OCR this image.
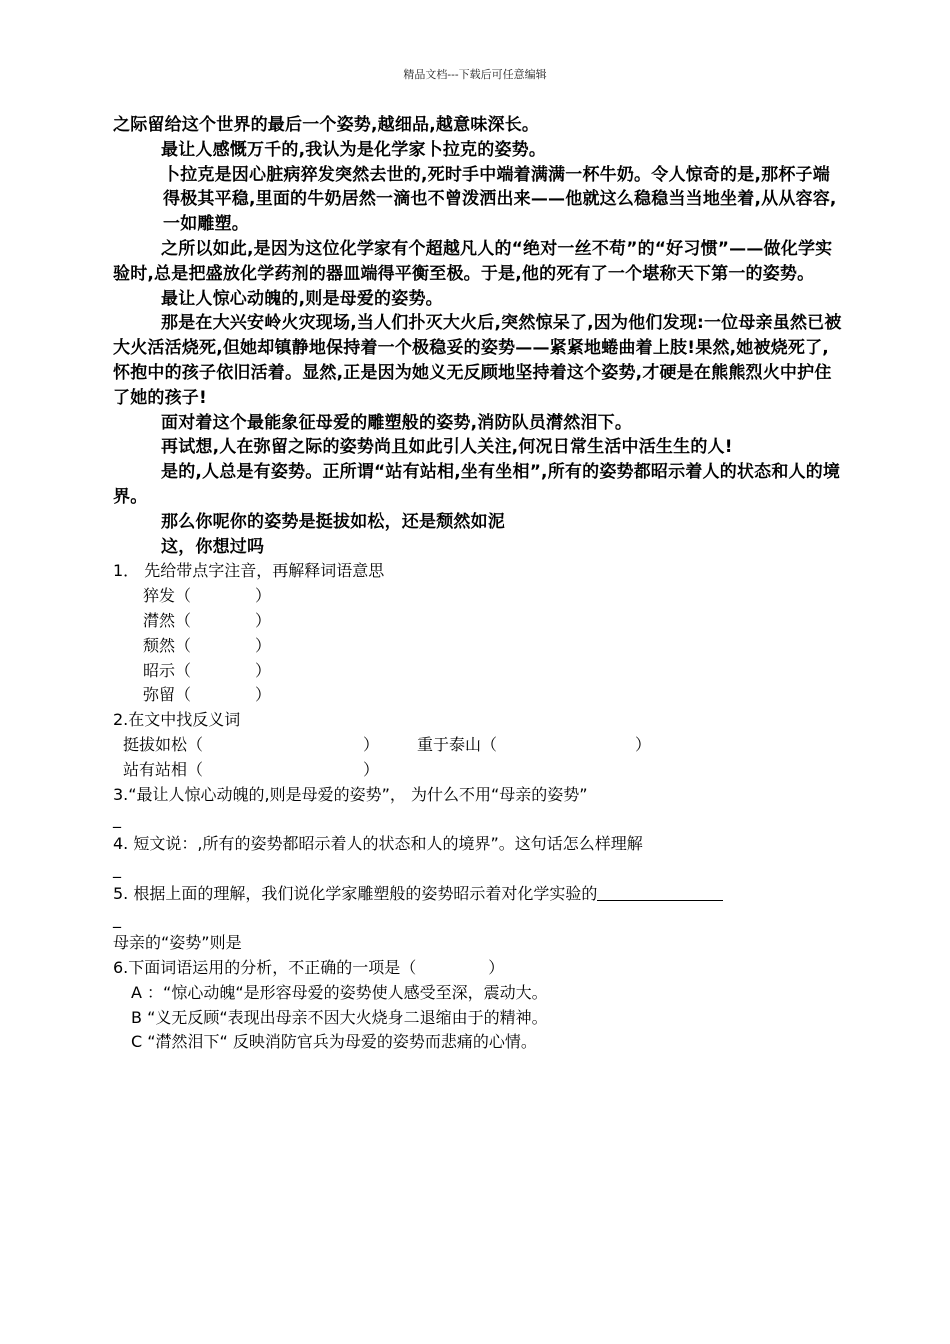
精品文档---下载后可任意编辑

之际留给这个世界的最后一个姿势,越细品,越意味深长。

最让人感慨万千的,我认为是化学家卜拉克的姿势。

卜拉克是因心脏病猝发突然去世的,死时手中端着满满一杯牛奶。令人惊奇的是,那杯子端得极其平稳,里面的牛奶居然一滴也不曾泼洒出来——他就这么稳稳当当地坐着,从从容容,一如雕塑。

之所以如此,是因为这位化学家有个超越凡人的“绝对一丝不苟”的“好习惯”——做化学实验时,总是把盛放化学药剂的器皿端得平衡至极。于是,他的死有了一个堪称天下第一的姿势。

最让人惊心动魄的,则是母爱的姿势。

那是在大兴安岭火灾现场,当人们扑灭大火后,突然惊呆了,因为他们发现:一位母亲虽然已被大火活活烧死,但她却镇静地保持着一个极稳妥的姿势——紧紧地蜷曲着上肢!果然,她被烧死了,怀抱中的孩子依旧活着。显然,正是因为她义无反顾地坚持着这个姿势,才硬是在熊熊烈火中护住了她的孩子!

面对着这个最能象征母爱的雕塑般的姿势,消防队员潸然泪下。

再试想,人在弥留之际的姿势尚且如此引人关注,何况日常生活中活生生的人!

是的,人总是有姿势。正所谓“站有站相,坐有坐相”,所有的姿势都昭示着人的状态和人的境界。

那么你呢你的姿势是挺拔如松，还是颓然如泥

这，你想过吗

1． 先给带点字注音，再解释词语意思

猝发（	）

潸然（	）

颓然（	）

昭示（	）

弥留（	）

2.在文中找反义词

挺拔如松（	） 重于泰山（	）

站有站相（	）

3.“最让人惊心动魄的,则是母爱的姿势”， 为什么不用“母亲的姿势”

_

4. 短文说：,所有的姿势都昭示着人的状态和人的境界”。这句话怎么样理解

_

5. 根据上面的理解，我们说化学家雕塑般的姿势昭示着对化学实验的

_

母亲的“姿势”则是

6.下面词语运用的分析，不正确的一项是（	）

A ：“惊心动魄“是形容母爱的姿势使人感受至深，震动大。

B “义无反顾“表现出母亲不因大火烧身二退缩由于的精神。

C “潸然泪下“ 反映消防官兵为母爱的姿势而悲痛的心情。
